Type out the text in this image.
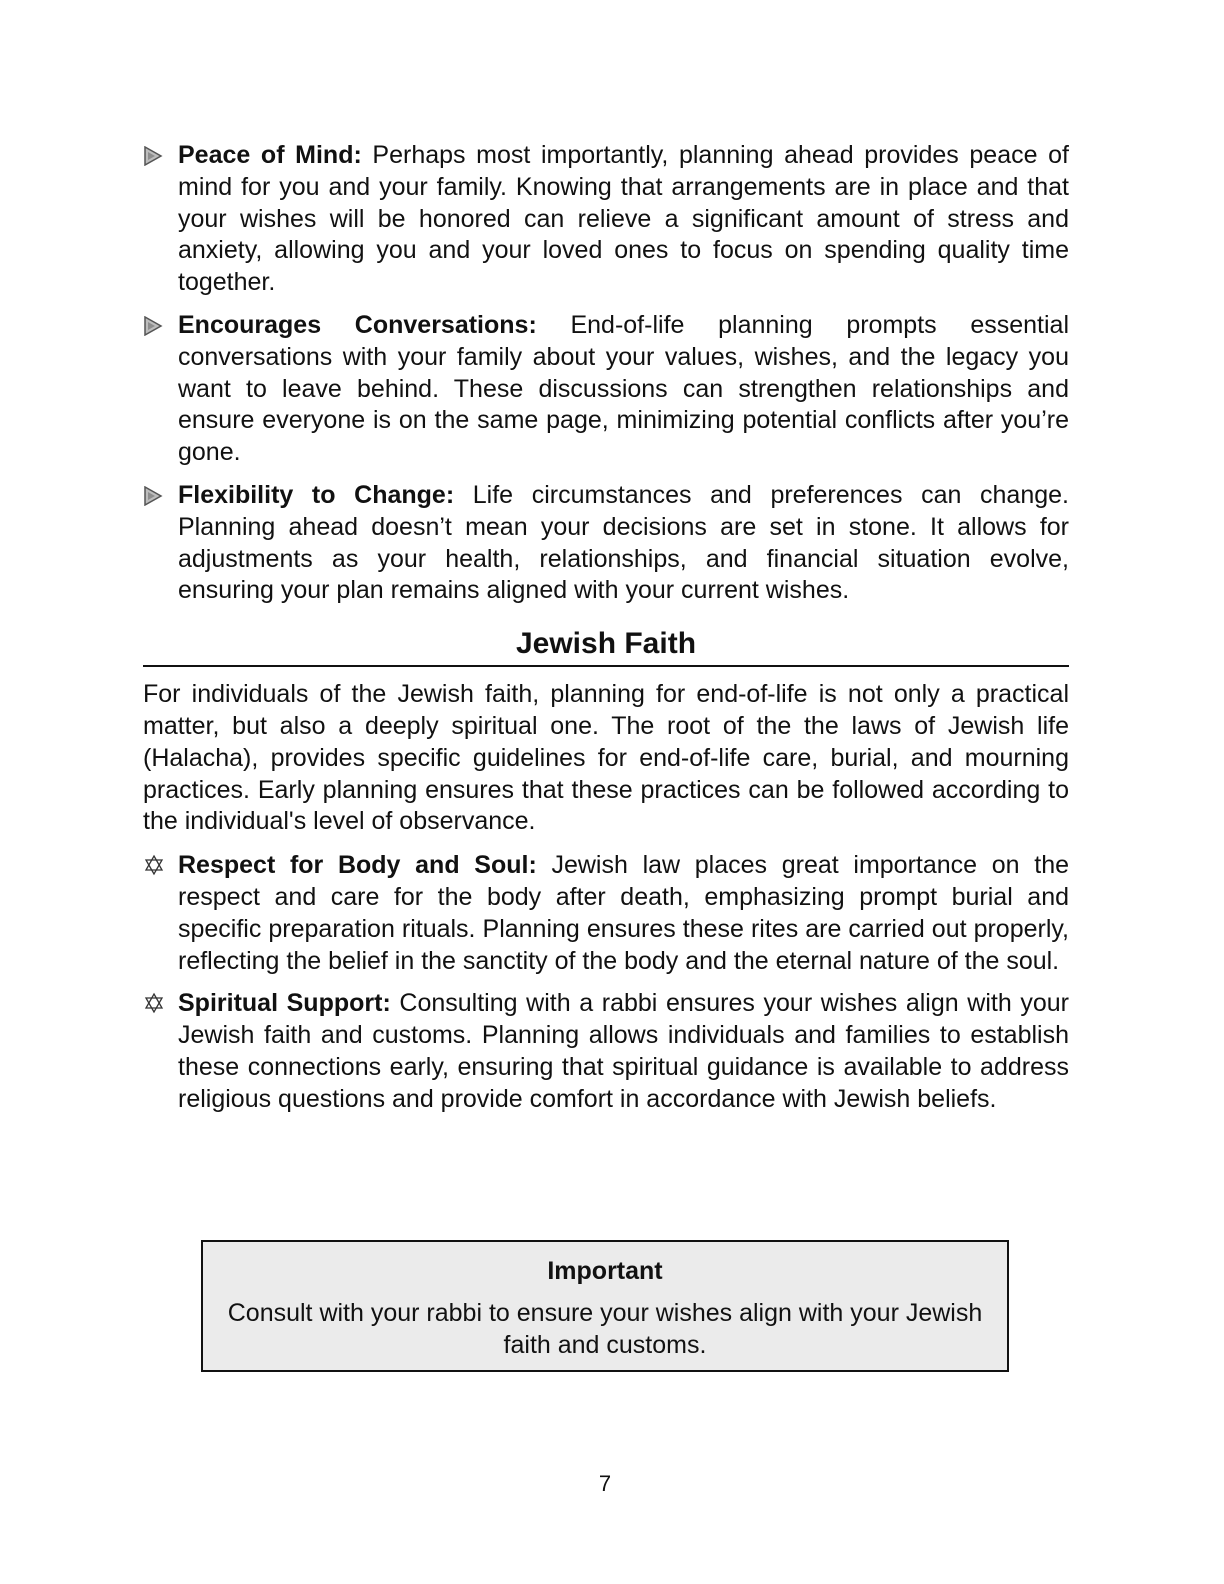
Peace of Mind: Perhaps most importantly, planning ahead provides peace of mind for you and your family. Knowing that arrangements are in place and that your wishes will be honored can relieve a significant amount of stress and anxiety, allowing you and your loved ones to focus on spending quality time together.
Encourages Conversations: End-of-life planning prompts essential conversations with your family about your values, wishes, and the legacy you want to leave behind. These discussions can strengthen relationships and ensure everyone is on the same page, minimizing potential conflicts after you’re gone.
Flexibility to Change: Life circumstances and preferences can change. Planning ahead doesn’t mean your decisions are set in stone. It allows for adjustments as your health, relationships, and financial situation evolve, ensuring your plan remains aligned with your current wishes.
Jewish Faith

For individuals of the Jewish faith, planning for end-of-life is not only a practical matter, but also a deeply spiritual one. The root of the the laws of Jewish life (Halacha), provides specific guidelines for end-of-life care, burial, and mourning practices. Early planning ensures that these practices can be followed according to the individual's level of observance.

Respect for Body and Soul: Jewish law places great importance on the respect and care for the body after death, emphasizing prompt burial and specific preparation rituals. Planning ensures these rites are carried out properly, reflecting the belief in the sanctity of the body and the eternal nature of the soul.
Spiritual Support: Consulting with a rabbi ensures your wishes align with your Jewish faith and customs. Planning allows individuals and families to establish these connections early, ensuring that spiritual guidance is available to address religious questions and provide comfort in accordance with Jewish beliefs.
Important
Consult with your rabbi to ensure your wishes align with your Jewish faith and customs.
7
